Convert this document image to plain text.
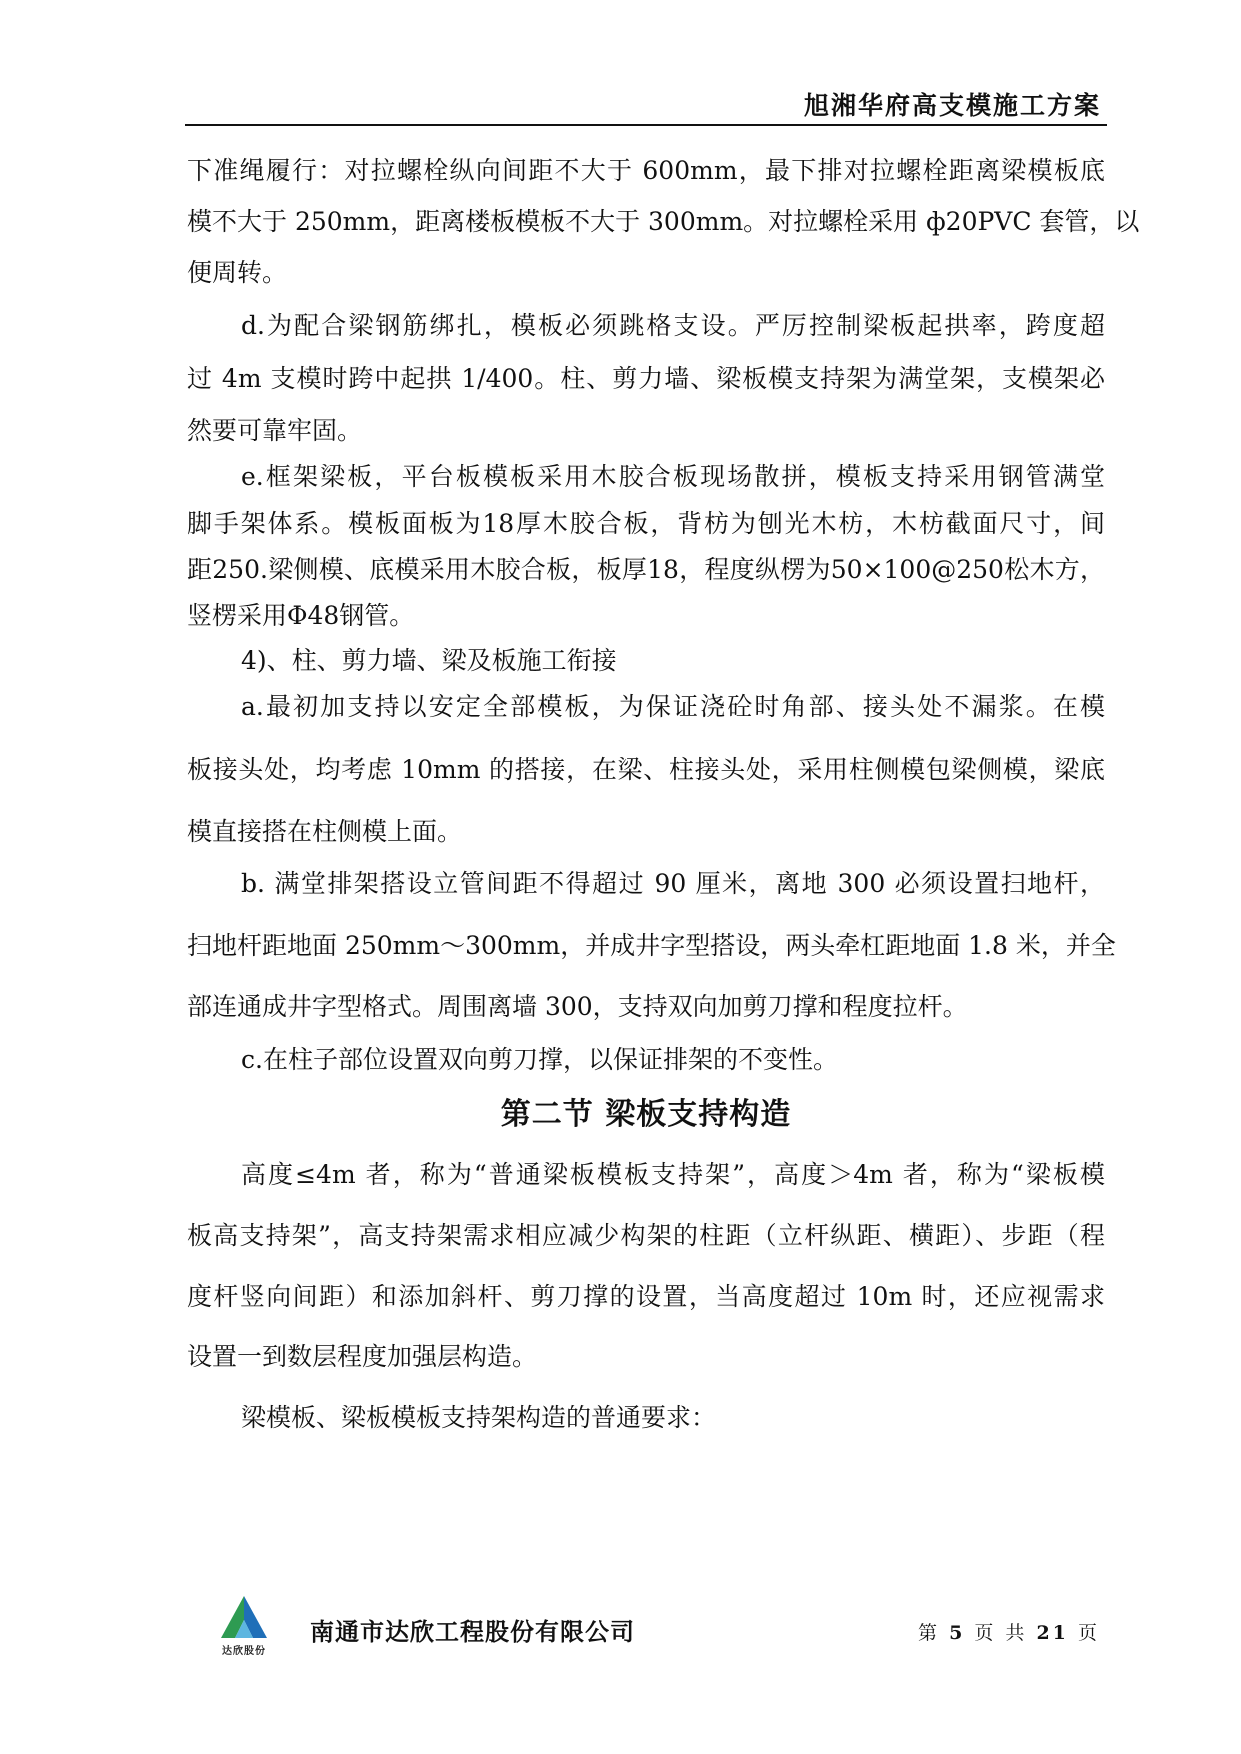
旭湘华府高支模施工方案
下准绳履行：对拉螺栓纵向间距不大于 600mm，最下排对拉螺栓距离梁模板底
模不大于 250mm，距离楼板模板不大于 300mm。对拉螺栓采用 ф20PVC 套管，以
便周转。
d.为配合梁钢筋绑扎，模板必须跳格支设。严厉控制梁板起拱率，跨度超
过 4m 支模时跨中起拱 1/400。柱、剪力墙、梁板模支持架为满堂架，支模架必
然要可靠牢固。
e.框架梁板，平台板模板采用木胶合板现场散拼，模板支持采用钢管满堂
脚手架体系。模板面板为18厚木胶合板，背枋为刨光木枋，木枋截面尺寸，间
距250.梁侧模、底模采用木胶合板，板厚18，程度纵楞为50×100@250松木方，
竖楞采用Φ48钢管。
4)、柱、剪力墙、梁及板施工衔接
a.最初加支持以安定全部模板，为保证浇砼时角部、接头处不漏浆。在模
板接头处，均考虑 10mm 的搭接，在梁、柱接头处，采用柱侧模包梁侧模，梁底
模直接搭在柱侧模上面。
b. 满堂排架搭设立管间距不得超过 90 厘米，离地 300 必须设置扫地杆，
扫地杆距地面 250mm～300mm，并成井字型搭设，两头牵杠距地面 1.8 米，并全
部连通成井字型格式。周围离墙 300，支持双向加剪刀撑和程度拉杆。
c.在柱子部位设置双向剪刀撑，以保证排架的不变性。
第二节 梁板支持构造
高度≤4m 者，称为“普通梁板模板支持架”，高度＞4m 者，称为“梁板模
板高支持架”，高支持架需求相应减少构架的柱距（立杆纵距、横距）、步距（程
度杆竖向间距）和添加斜杆、剪刀撑的设置，当高度超过 10m 时，还应视需求
设置一到数层程度加强层构造。
梁模板、梁板模板支持架构造的普通要求：
达欣股份
南通市达欣工程股份有限公司	第 5 页 共 21 页
